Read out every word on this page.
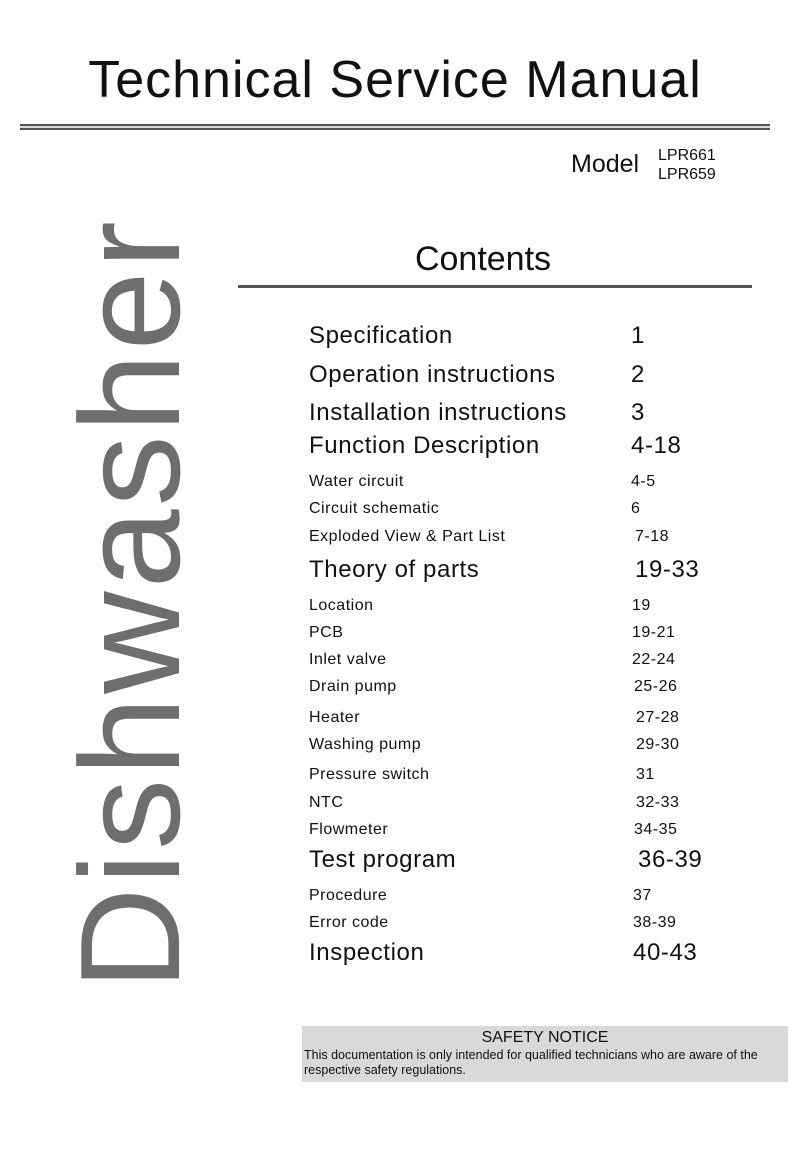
Technical Service Manual
Model LPR661
LPR659
Dishwasher	Contents
Specification	1
Operation instructions	2
Installation instructions	3
Function Description	4-18
Water circuit	4-5
Circuit schematic	6
Exploded View & Part List	7-18
Theory of parts	19-33
Location	19
PCB	19-21
Inlet valve	22-24
Drain pump	25-26
Heater	27-28
Washing pump	29-30
Pressure switch	31
NTC	32-33
Flowmeter	34-35
Test program	36-39
Procedure	37
Error code	38-39
Inspection	40-43
SAFETY NOTICE
This documentation is only intended for qualified technicians who are aware of the respective safety regulations.
